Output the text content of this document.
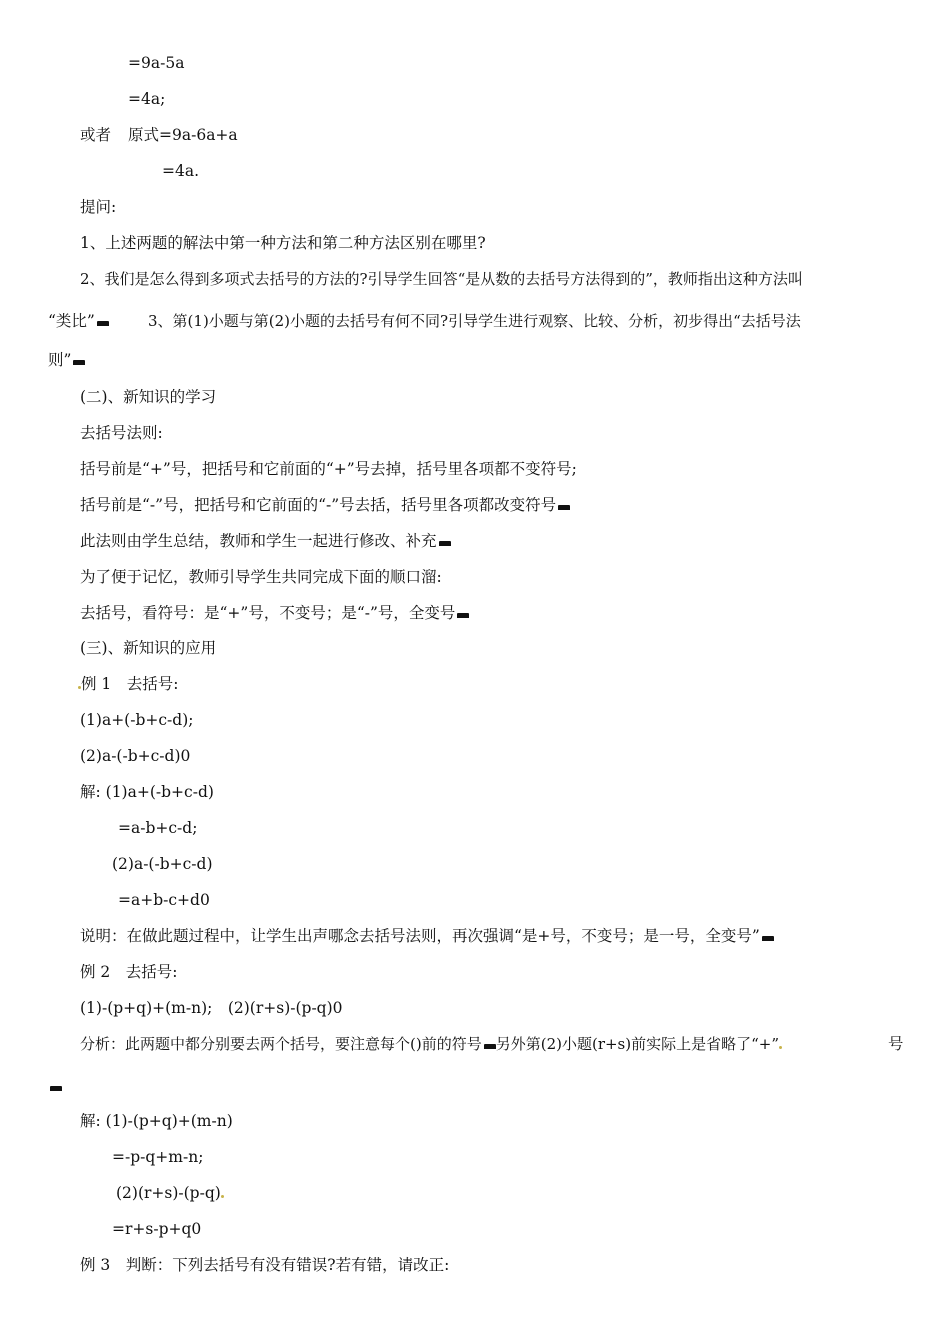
=9a-5a
=4a;
或者 原式=9a-6a+a
=4a.
提问:
1、上述两题的解法中第一种方法和第二种方法区别在哪里?
2、我们是怎么得到多项式去括号的方法的?引导学生回答“是从数的去括号方法得到的”，教师指出这种方法叫
“类比”	3、第(1)小题与第(2)小题的去括号有何不同?引导学生进行观察、比较、分析，初步得出“去括号法
则”
(二)、新知识的学习
去括号法则:
括号前是“+”号，把括号和它前面的“+”号去掉，括号里各项都不变符号;
括号前是“-”号，把括号和它前面的“-”号去括，括号里各项都改变符号
此法则由学生总结，教师和学生一起进行修改、补充
为了便于记忆，教师引导学生共同完成下面的顺口溜:
去括号，看符号：是“+”号，不变号；是“-”号，全变号
(三)、新知识的应用
例 1　去括号:
(1)a+(-b+c-d);
(2)a-(-b+c-d)0
解: (1)a+(-b+c-d)
=a-b+c-d;
(2)a-(-b+c-d)
=a+b-c+d0
说明：在做此题过程中，让学生出声哪念去括号法则，再次强调“是+号，不变号；是一号，全变号”
例 2　去括号:
(1)-(p+q)+(m-n);　(2)(r+s)-(p-q)0
分析：此两题中都分别要去两个括号，要注意每个()前的符号 另外第(2)小题(r+s)前实际上是省略了“+”	号
解: (1)-(p+q)+(m-n)
=-p-q+m-n;
(2)(r+s)-(p-q)
=r+s-p+q0
例 3　判断：下列去括号有没有错误?若有错，请改正:
